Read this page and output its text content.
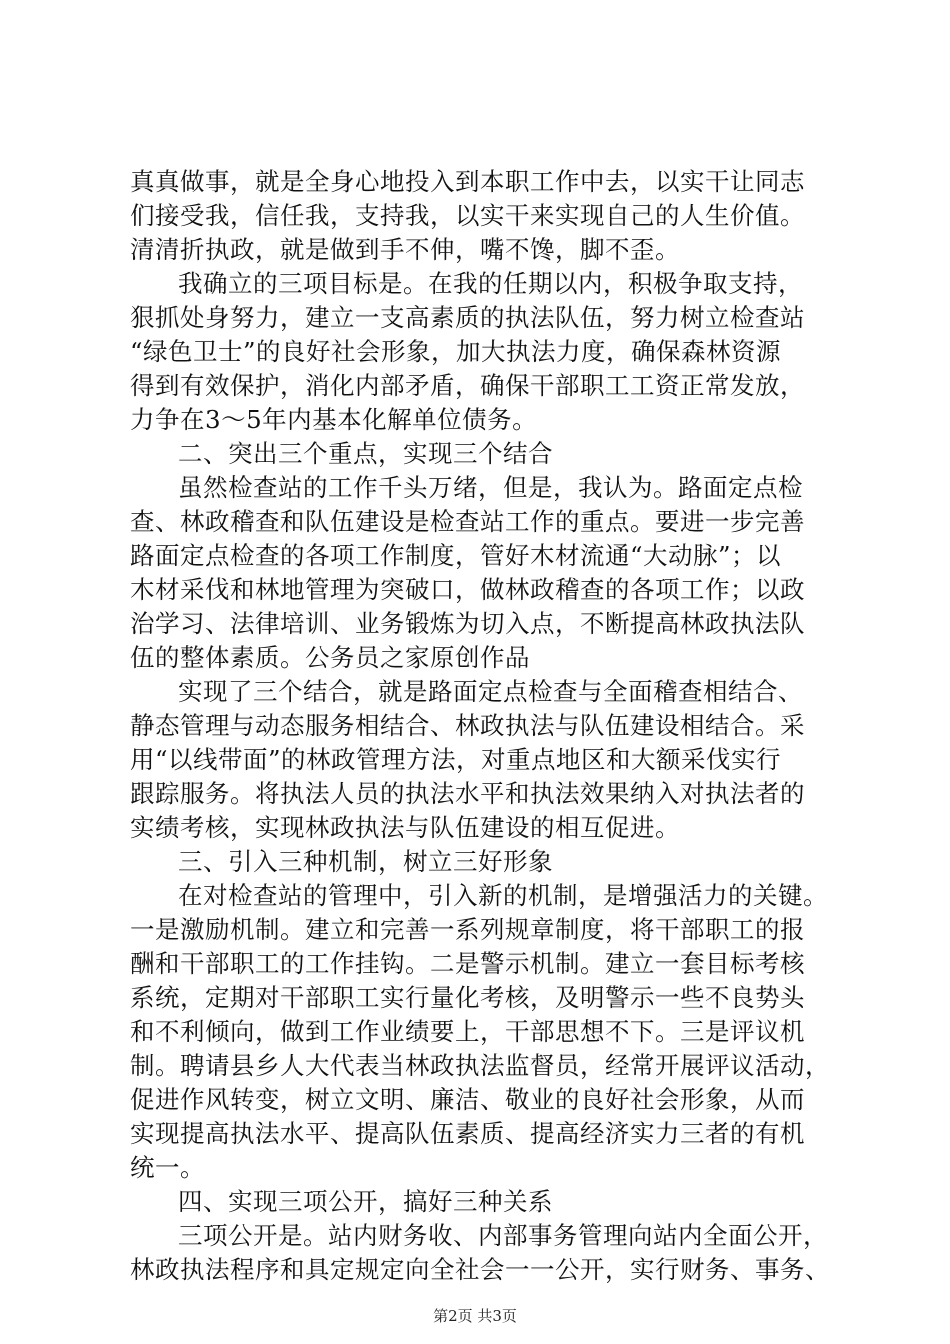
真真做事，就是全身心地投入到本职工作中去，以实干让同志
们接受我，信任我，支持我，以实干来实现自己的人生价值。
清清折执政，就是做到手不伸，嘴不馋，脚不歪。
我确立的三项目标是。在我的任期以内，积极争取支持，
狠抓处身努力，建立一支高素质的执法队伍，努力树立检查站
“绿色卫士”的良好社会形象，加大执法力度，确保森林资源
得到有效保护，消化内部矛盾，确保干部职工工资正常发放，
力争在3～5年内基本化解单位债务。
二、突出三个重点，实现三个结合
虽然检查站的工作千头万绪，但是，我认为。路面定点检
查、林政稽查和队伍建设是检查站工作的重点。要进一步完善
路面定点检查的各项工作制度，管好木材流通“大动脉”；以
木材采伐和林地管理为突破口，做林政稽查的各项工作；以政
治学习、法律培训、业务锻炼为切入点，不断提高林政执法队
伍的整体素质。公务员之家原创作品
实现了三个结合，就是路面定点检查与全面稽查相结合、
静态管理与动态服务相结合、林政执法与队伍建设相结合。采
用“以线带面”的林政管理方法，对重点地区和大额采伐实行
跟踪服务。将执法人员的执法水平和执法效果纳入对执法者的
实绩考核，实现林政执法与队伍建设的相互促进。
三、引入三种机制，树立三好形象
在对检查站的管理中，引入新的机制，是增强活力的关键。
一是激励机制。建立和完善一系列规章制度，将干部职工的报
酬和干部职工的工作挂钩。二是警示机制。建立一套目标考核
系统，定期对干部职工实行量化考核，及明警示一些不良势头
和不利倾向，做到工作业绩要上，干部思想不下。三是评议机
制。聘请县乡人大代表当林政执法监督员，经常开展评议活动，
促进作风转变，树立文明、廉洁、敬业的良好社会形象，从而
实现提高执法水平、提高队伍素质、提高经济实力三者的有机
统一。
四、实现三项公开，搞好三种关系
三项公开是。站内财务收、内部事务管理向站内全面公开，
林政执法程序和具定规定向全社会一一公开，实行财务、事务、
第2页 共3页
